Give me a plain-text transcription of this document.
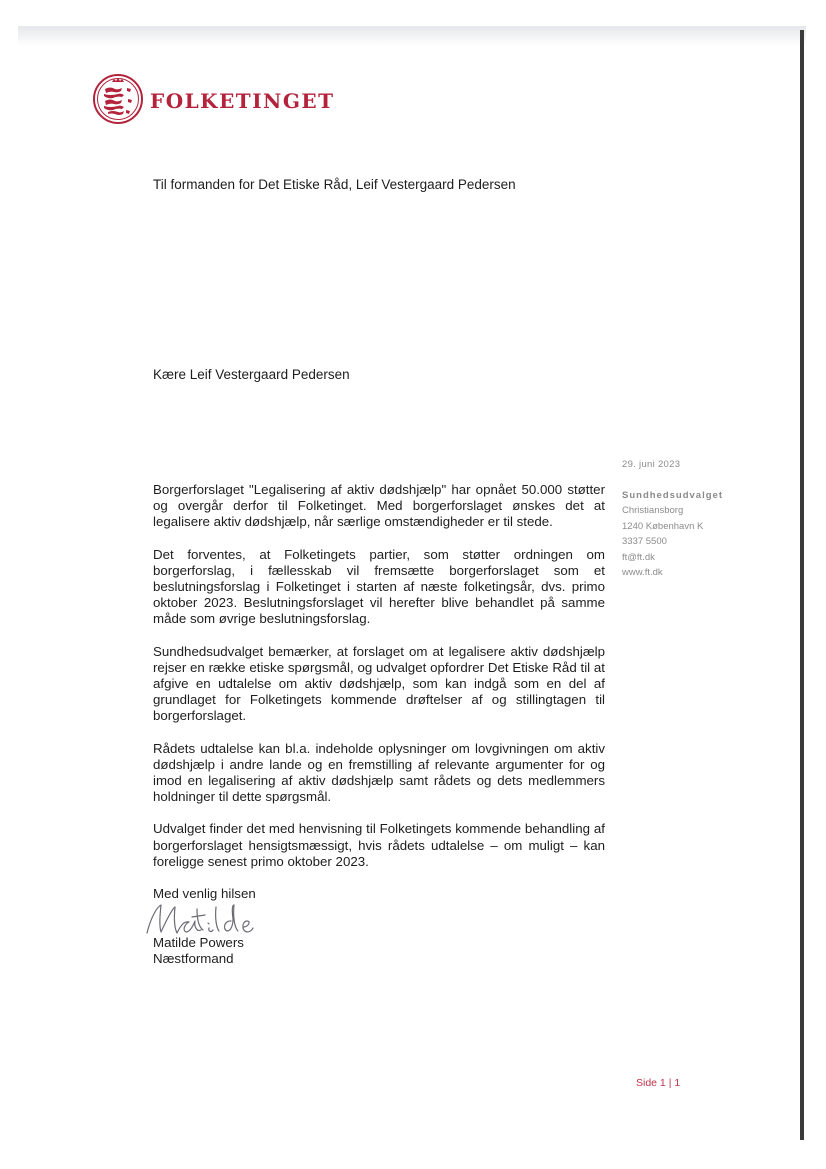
FOLKETINGET
Til formanden for Det Etiske Råd, Leif Vestergaard Pedersen
Kære Leif Vestergaard Pedersen

Borgerforslaget "Legalisering af aktiv dødshjælp" har opnået 50.000 støtter og overgår derfor til Folketinget. Med borgerforslaget ønskes det at legalisere aktiv dødshjælp, når særlige omstændigheder er til stede.

Det forventes, at Folketingets partier, som støtter ordningen om borgerforslag, i fællesskab vil fremsætte borgerforslaget som et beslutningsforslag i Folketinget i starten af næste folketingsår, dvs. primo oktober 2023. Beslutningsforslaget vil herefter blive behandlet på samme måde som øvrige beslutningsforslag.

Sundhedsudvalget bemærker, at forslaget om at legalisere aktiv dødshjælp rejser en række etiske spørgsmål, og udvalget opfordrer Det Etiske Råd til at afgive en udtalelse om aktiv dødshjælp, som kan indgå som en del af grundlaget for Folketingets kommende drøftelser af og stillingtagen til borgerforslaget.

Rådets udtalelse kan bl.a. indeholde oplysninger om lovgivningen om aktiv dødshjælp i andre lande og en fremstilling af relevante argumenter for og imod en legalisering af aktiv dødshjælp samt rådets og dets medlemmers holdninger til dette spørgsmål.

Udvalget finder det med henvisning til Folketingets kommende behandling af borgerforslaget hensigtsmæssigt, hvis rådets udtalelse – om muligt – kan foreligge senest primo oktober 2023.

Med venlig hilsen
Matilde Powers
Næstformand
29. juni 2023
Sundhedsudvalget
Christiansborg
1240 København K
3337 5500
ft@ft.dk
www.ft.dk
Side 1 | 1
